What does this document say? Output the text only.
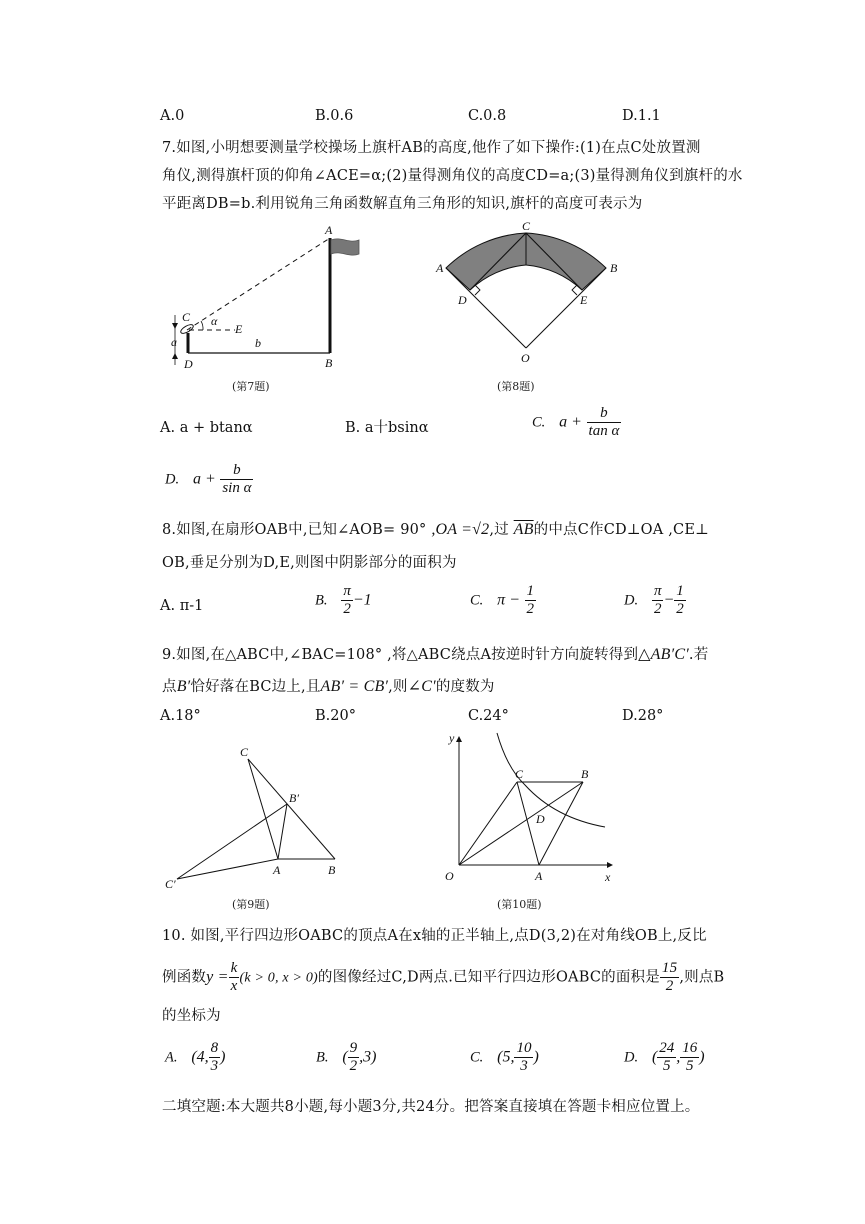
A.0	B.0.6	C.0.8	D.1.1
7.如图,小明想要测量学校操场上旗杆AB的高度,他作了如下操作:(1)在点C处放置测
角仪,测得旗杆顶的仰角∠ACE=α;(2)量得测角仪的高度CD=a;(3)量得测角仪到旗杆的水
平距离DB=b.利用锐角三角函数解直角三角形的知识,旗杆的高度可表示为
A
B
C
D
E
α
a	b
(第7题)
C
A	B
D	E
O
(第8题)
A. a + btanα	B. a十bsinα	C. $a + \frac{b}{\text{tan α}}$
D. $a + \frac{b}{\text{sin α}}$
8.如图,在扇形OAB中,已知∠AOB= 90° ,OA =√2,过 $\overline{AB}$的中点C作CD⊥OA ,CE⊥
OB,垂足分别为D,E,则图中阴影部分的面积为
A. π-1	B. $\frac{\pi}{2} -1$	C. $\pi - \frac{1}{2}$	D. $\frac{\pi}{2} - \frac{1}{2}$
9.如图,在△ABC中,∠BAC=108° ,将△ABC绕点A按逆时针方向旋转得到△AB′C′.若
点B′恰好落在BC边上,且AB′ = CB′,则∠C′的度数为
A.18°	B.20°	C.24°	D.28°
C
B′
A	B
C′
(第9题)
y
x
O	A
B
C
D
(第10题)
10. 如图,平行四边形OABC的顶点A在x轴的正半轴上,点D(3,2)在对角线OB上,反比
例函数$y = \frac{k}{x} (k > 0$, x > 0)的图像经过C,D两点.已知平行四边形OABC的面积是 $\frac{15}{2}$ ,则点B
的坐标为
A. (4, $\frac{8}{3}$ )	B. ( $\frac{9}{2} ,3$)	C. (5, $\frac{10}{3}$ )	D. ( $\frac{24}{5}$ , $\frac{16}{5}$ )
二填空题:本大题共8小题,每小题3分,共24分。把答案直接填在答题卡相应位置上。
